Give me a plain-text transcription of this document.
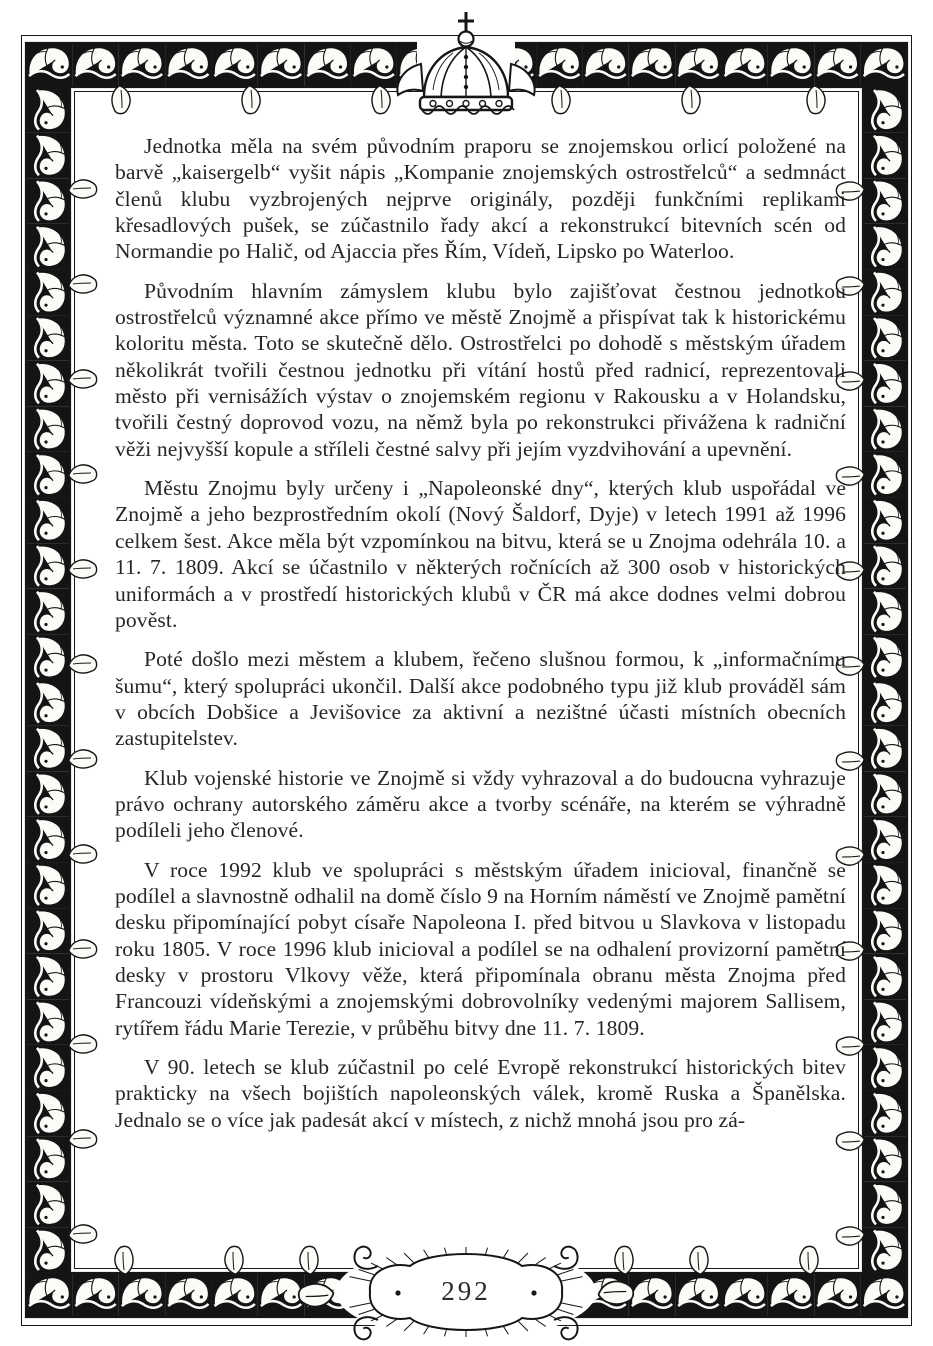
Jednotka měla na svém původním praporu se znojemskou orlicí položené na barvě „kaisergelb“ vyšit nápis „Kompanie znojemských ostrostřelců“ a sedmnáct členů klubu vyzbrojených nejprve originály, později funkčními replikami křesadlových pušek, se zúčastnilo řady akcí a rekonstrukcí bitevních scén od Normandie po Halič, od Ajaccia přes Řím, Vídeň, Lipsko po Waterloo.

Původním hlavním zámyslem klubu bylo zajišťovat čestnou jednotkou ostrostřelců významné akce přímo ve městě Znojmě a přispívat tak k historickému koloritu města. Toto se skutečně dělo. Ostrostřelci po dohodě s městským úřadem několikrát tvořili čestnou jednotku při vítání hostů před radnicí, reprezentovali město při vernisážích výstav o znojemském regionu v Rakousku a v Holandsku, tvořili čestný doprovod vozu, na němž byla po rekonstrukci přivážena k radniční věži nejvyšší kopule a stříleli čestné salvy při jejím vyzdvihování a upevnění.

Městu Znojmu byly určeny i „Napoleonské dny“, kterých klub uspořádal ve Znojmě a jeho bezprostředním okolí (Nový Šaldorf, Dyje) v letech 1991 až 1996 celkem šest. Akce měla být vzpomínkou na bitvu, která se u Znojma odehrála 10. a 11. 7. 1809. Akcí se účastnilo v některých ročnících až 300 osob v historických uniformách a v prostředí historických klubů v ČR má akce dodnes velmi dobrou pověst.

Poté došlo mezi městem a klubem, řečeno slušnou formou, k „informačnímu šumu“, který spolupráci ukončil. Další akce podobného typu již klub prováděl sám v obcích Dobšice a Jevišovice za aktivní a nezištné účasti místních obecních zastupitelstev.

Klub vojenské historie ve Znojmě si vždy vyhrazoval a do budoucna vyhrazuje právo ochrany autorského záměru akce a tvorby scénáře, na kterém se výhradně podíleli jeho členové.

V roce 1992 klub ve spolupráci s městským úřadem inicioval, finančně se podílel a slavnostně odhalil na domě číslo 9 na Horním náměstí ve Znojmě pamětní desku připomínající pobyt císaře Napoleona I. před bitvou u Slavkova v listopadu roku 1805. V roce 1996 klub inicioval a podílel se na odhalení provizorní pamětní desky v prostoru Vlkovy věže, která připomínala obranu města Znojma před Francouzi vídeňskými a znojemskými dobrovolníky vedenými majorem Sallisem, rytířem řádu Marie Terezie, v průběhu bitvy dne 11. 7. 1809.

V 90. letech se klub zúčastnil po celé Evropě rekonstrukcí historických bitev prakticky na všech bojištích napoleonských válek, kromě Ruska a Španělska. Jednalo se o více jak padesát akcí v místech, z nichž mnohá jsou pro zá-

292
